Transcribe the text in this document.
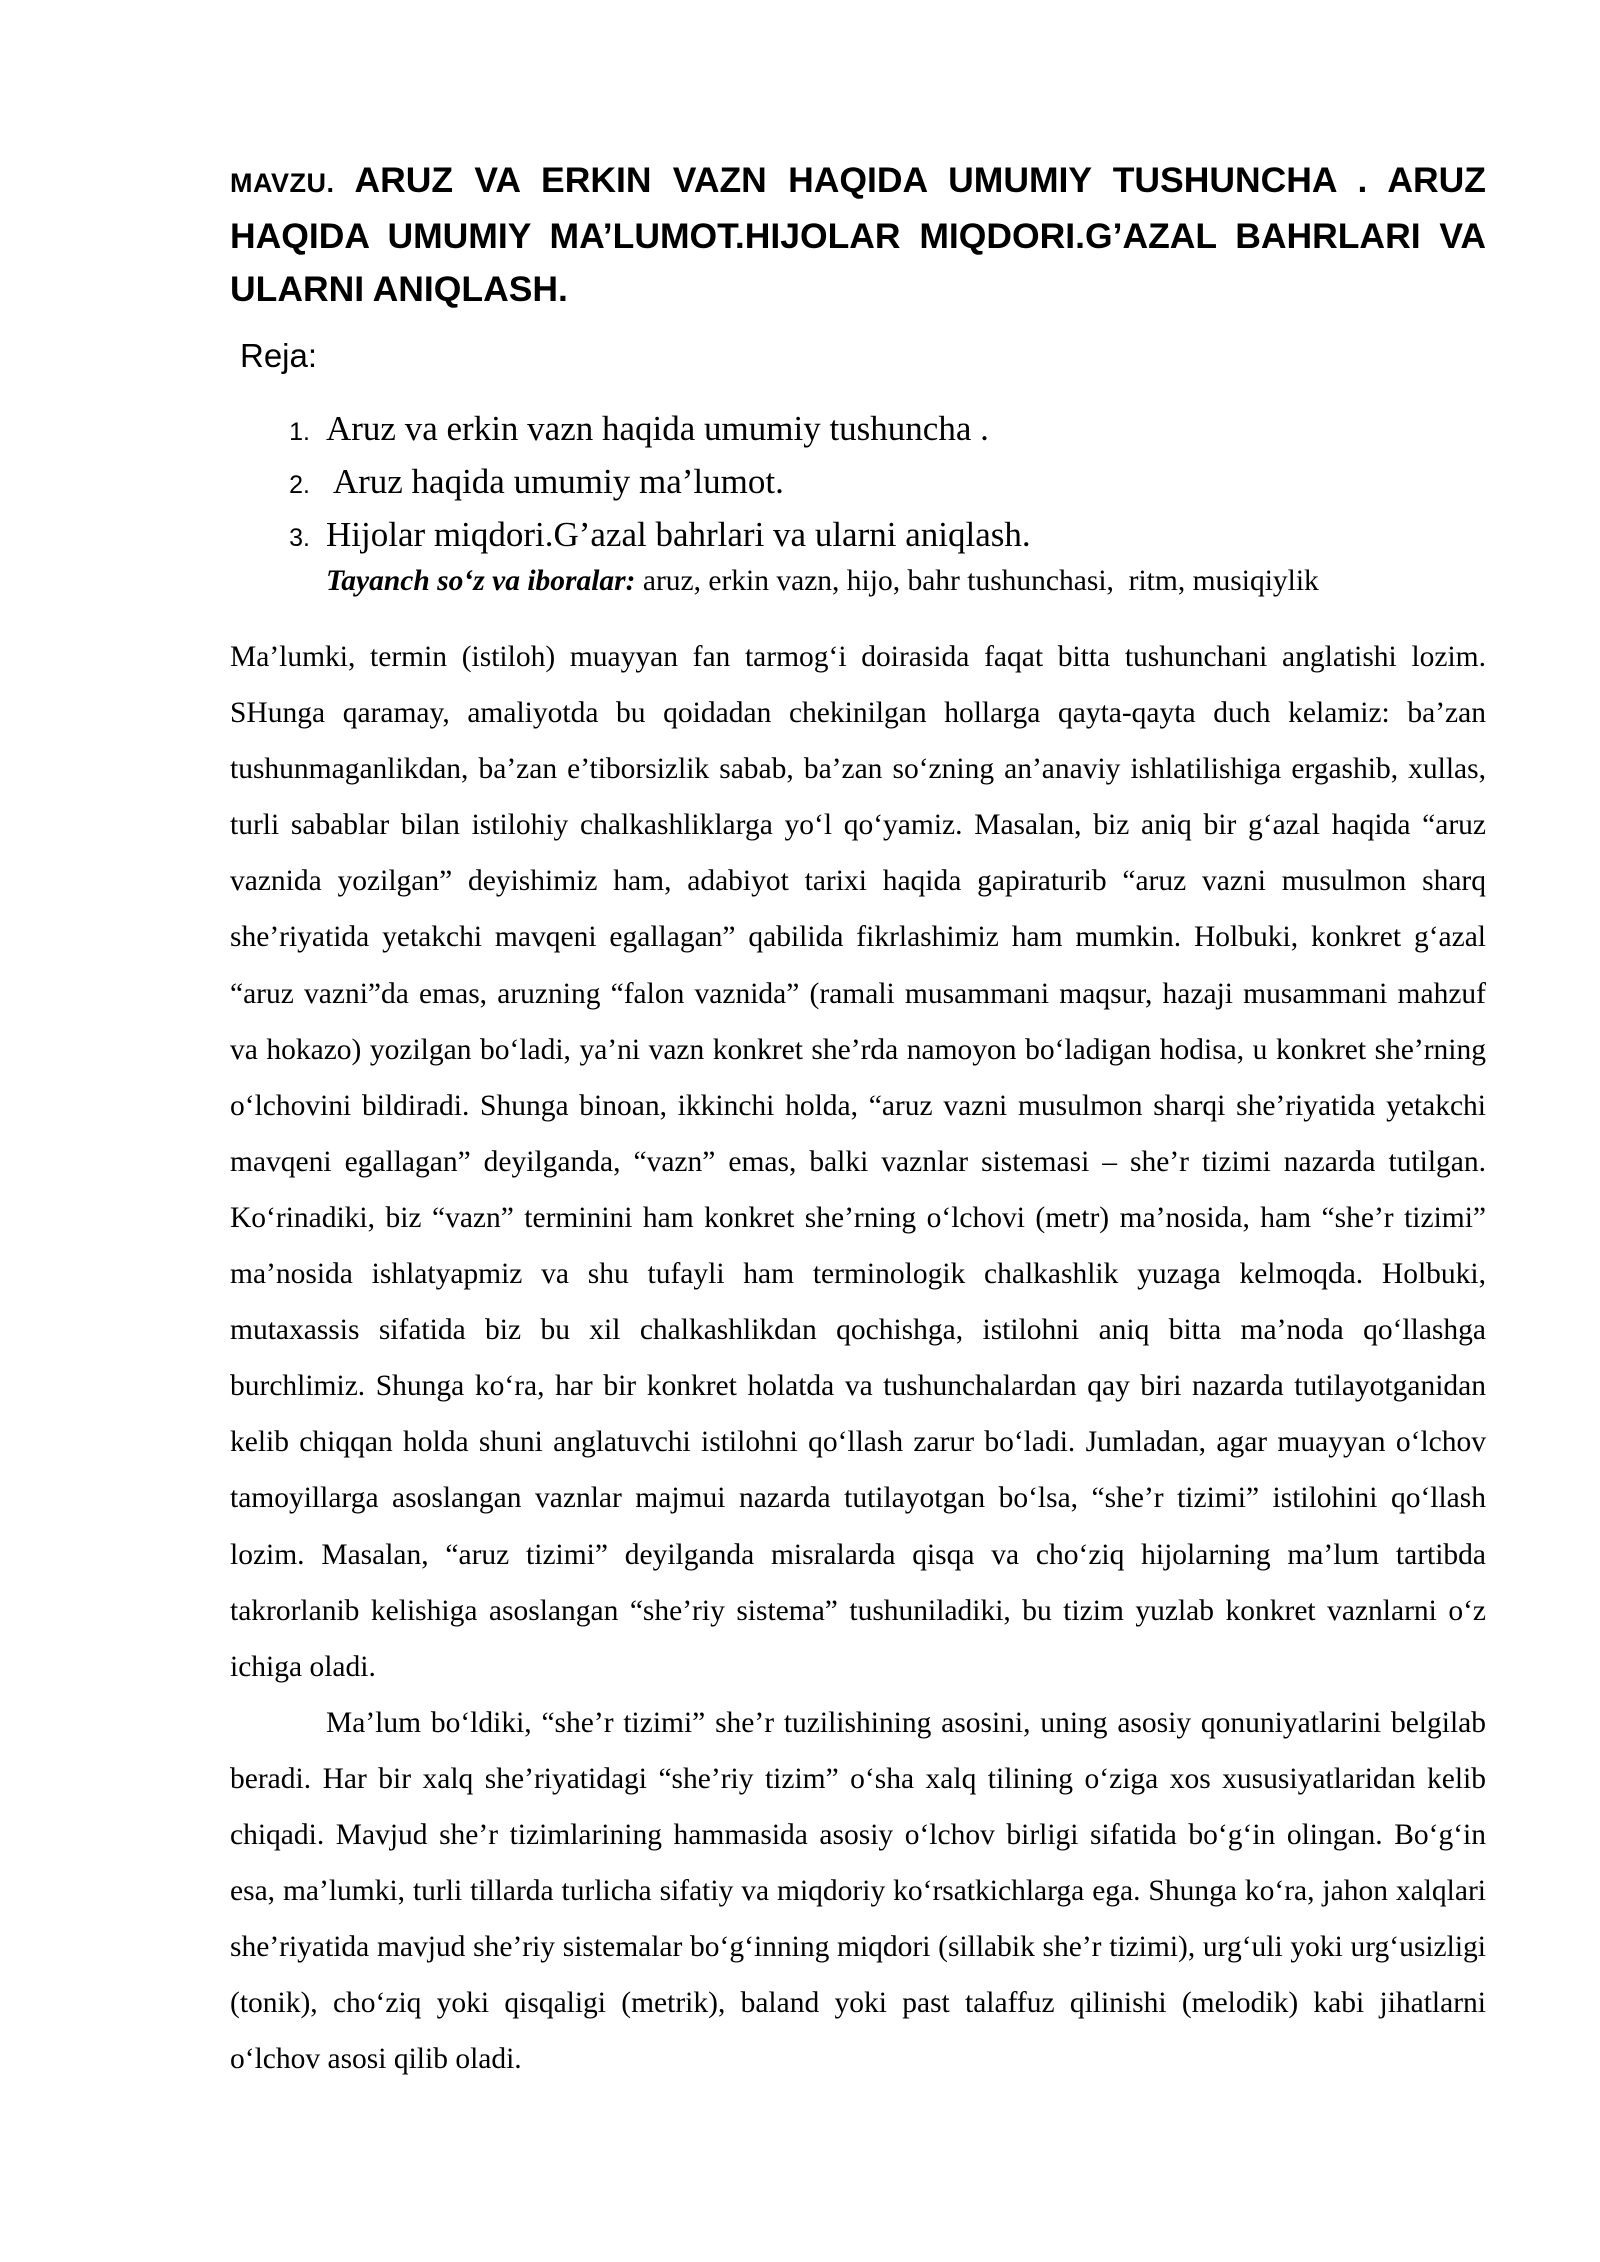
MAVZU. ARUZ VA ERKIN VAZN HAQIDA UMUMIY TUSHUNCHA . ARUZ HAQIDA UMUMIY MA’LUMOT.HIJOLAR MIQDORI.G’AZAL BAHRLARI VA ULARNI ANIQLASH.
Reja:
1. Aruz va erkin vazn haqida umumiy tushuncha .
2. Aruz haqida umumiy ma’lumot.
3. Hijolar miqdori.G’azal bahrlari va ularni aniqlash.
Tayanch so‘z va iboralar: aruz, erkin vazn, hijo, bahr tushunchasi,  ritm, musiqiylik

Ma’lumki, termin (istiloh) muayyan fan tarmog‘i doirasida faqat bitta tushunchani anglatishi lozim. SHunga qaramay, amaliyotda bu qoidadan chekinilgan hollarga qayta-qayta duch kelamiz: ba’zan tushunmaganlikdan, ba’zan e’tiborsizlik sabab, ba’zan so‘zning an’anaviy ishlatilishiga ergashib, xullas, turli sabablar bilan istilohiy chalkashliklarga yo‘l qo‘yamiz. Masalan, biz aniq bir g‘azal haqida “aruz vaznida yozilgan” deyishimiz ham, adabiyot tarixi haqida gapiraturib “aruz vazni musulmon sharq she’riyatida yetakchi mavqeni egallagan” qabilida fikrlashimiz ham mumkin. Holbuki, konkret g‘azal “aruz vazni”da emas, aruzning “falon vaznida” (ramali musammani maqsur, hazaji musammani mahzuf va hokazo) yozilgan bo‘ladi, ya’ni vazn konkret she’rda namoyon bo‘ladigan hodisa, u konkret she’rning o‘lchovini bildiradi. Shunga binoan, ikkinchi holda, “aruz vazni musulmon sharqi she’riyatida yetakchi mavqeni egallagan” deyilganda, “vazn” emas, balki vaznlar sistemasi – she’r tizimi nazarda tutilgan. Ko‘rinadiki, biz “vazn” terminini ham konkret she’rning o‘lchovi (metr) ma’nosida, ham “she’r tizimi” ma’nosida ishlatyapmiz va shu tufayli ham terminologik chalkashlik yuzaga kelmoqda. Holbuki, mutaxassis sifatida biz bu xil chalkashlikdan qochishga, istilohni aniq bitta ma’noda qo‘llashga burchlimiz. Shunga ko‘ra, har bir konkret holatda va tushunchalardan qay biri nazarda tutilayotganidan kelib chiqqan holda shuni anglatuvchi istilohni qo‘llash zarur bo‘ladi. Jumladan, agar muayyan o‘lchov tamoyillarga asoslangan vaznlar majmui nazarda tutilayotgan bo‘lsa, “she’r tizimi” istilohini qo‘llash lozim. Masalan, “aruz tizimi” deyilganda misralarda qisqa va cho‘ziq hijolarning ma’lum tartibda takrorlanib kelishiga asoslangan “she’riy sistema” tushuniladiki, bu tizim yuzlab konkret vaznlarni o‘z ichiga oladi.

Ma’lum bo‘ldiki, “she’r tizimi” she’r tuzilishining asosini, uning asosiy qonuniyatlarini belgilab beradi. Har bir xalq she’riyatidagi “she’riy tizim” o‘sha xalq tilining o‘ziga xos xususiyatlaridan kelib chiqadi. Mavjud she’r tizimlarining hammasida asosiy o‘lchov birligi sifatida bo‘g‘in olingan. Bo‘g‘in esa, ma’lumki, turli tillarda turlicha sifatiy va miqdoriy ko‘rsatkichlarga ega. Shunga ko‘ra, jahon xalqlari she’riyatida mavjud she’riy sistemalar bo‘g‘inning miqdori (sillabik she’r tizimi), urg‘uli yoki urg‘usizligi (tonik), cho‘ziq yoki qisqaligi (metrik), baland yoki past talaffuz qilinishi (melodik) kabi jihatlarni o‘lchov asosi qilib oladi.
